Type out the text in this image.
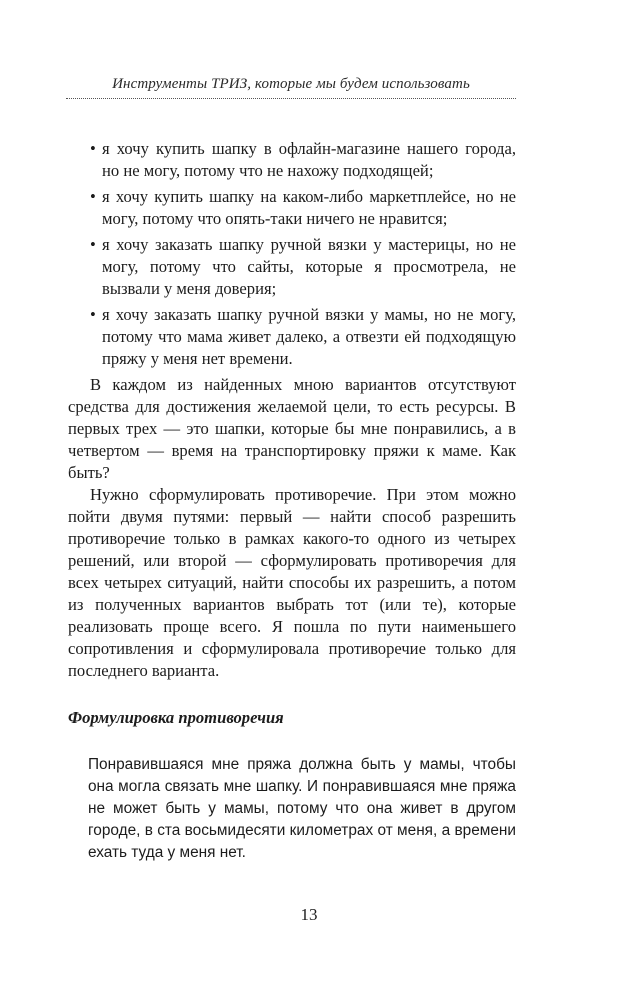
Инструменты ТРИЗ, которые мы будем использовать
• я хочу купить шапку в офлайн-магазине нашего города, но не могу, потому что не нахожу подходящей;
• я хочу купить шапку на каком-либо маркетплейсе, но не могу, потому что опять-таки ничего не нравится;
• я хочу заказать шапку ручной вязки у мастерицы, но не могу, потому что сайты, которые я просмотрела, не вызвали у меня доверия;
• я хочу заказать шапку ручной вязки у мамы, но не могу, потому что мама живет далеко, а отвезти ей подходящую пряжу у меня нет времени.

В каждом из найденных мною вариантов отсутствуют средства для достижения желаемой цели, то есть ресурсы. В первых трех — это шапки, которые бы мне понравились, а в четвертом — время на транспортировку пряжи к маме. Как быть?

Нужно сформулировать противоречие. При этом можно пойти двумя путями: первый — найти способ разрешить противоречие только в рамках какого-то одного из четырех решений, или второй — сформулировать противоречия для всех четырех ситуаций, найти способы их разрешить, а потом из полученных вариантов выбрать тот (или те), которые реализовать проще всего. Я пошла по пути наименьшего сопротивления и сформулировала противоречие только для последнего варианта.

Формулировка противоречия
Понравившаяся мне пряжа должна быть у мамы, чтобы она могла связать мне шапку. И понравившаяся мне пряжа не может быть у мамы, потому что она живет в другом городе, в ста восьмидесяти километрах от меня, а времени ехать туда у меня нет.
13
